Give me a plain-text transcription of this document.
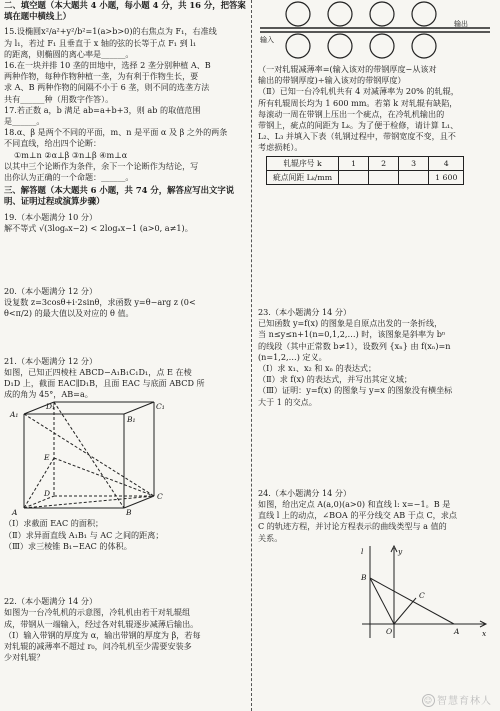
二、填空题（本大题共 4 小题，每小题 4 分，共 16 分，把答案填在题中横线上）
15.设椭圆x²/a²+y²/b²=1(a>b>0)的右焦点为 F₁，右准线
为 l₁，若过 F₁ 且垂直于 x 轴的弦的长等于点 F₁ 到 l₁
的距离，则椭圆的离心率是______。
16.在一块并排 10 垄的田地中，选择 2 垄分别种植 A、B
两种作物，每种作物种植一垄，为有利于作物生长，要
求 A、B 两种作物的间隔不小于 6 垄，则不同的选垄方法
共有______种（用数字作答）。
17.若正数 a，b 满足 ab=a+b+3，则 ab 的取值范围
是______。
18.α、β 是两个不同的平面，m、n 是平面 α 及 β 之外的两条
不同直线，给出四个论断：
①m⊥n ②α⊥β ③n⊥β ④m⊥α
以其中三个论断作为条件，余下一个论断作为结论，写
出你认为正确的一个命题：______。
三、解答题（本大题共 6 小题，共 74 分，解答应写出文字说明、证明过程或演算步骤）
19.（本小题满分 10 分）
解不等式 √(3logₐx−2) < 2logₐx−1 (a>0, a≠1)。
20.（本小题满分 12 分）
设复数 z=3cosθ+i·2sinθ，求函数 y=θ−arg z (0<
θ<π/2) 的最大值以及对应的 θ 值。
21.（本小题满分 12 分）
如图，已知正四棱柱 ABCD−A₁B₁C₁D₁，点 E 在棱
D₁D 上，截面 EAC∥D₁B，且面 EAC 与底面 ABCD 所
成的角为 45°，AB=a。
D₁	C₁
A₁
B₁
E
D	C
A	B
（Ⅰ）求截面 EAC 的面积；
（Ⅱ）求异面直线 A₁B₁ 与 AC 之间的距离；
（Ⅲ）求三棱锥 B₁−EAC 的体积。
22.（本小题满分 14 分）
如图为一台冷轧机的示意图，冷轧机由若干对轧辊组
成，带钢从一端输入，经过各对轧辊逐步减薄后输出。
（Ⅰ）输入带钢的厚度为 α，输出带钢的厚度为 β，若每
对轧辊的减薄率不超过 r₀，问冷轧机至少需要安装多
少对轧辊？
输出
输入
（一对轧辊减薄率=(输入该对的带钢厚度−从该对
输出的带钢厚度)÷输入该对的带钢厚度）
（Ⅱ）已知一台冷轧机共有 4 对减薄率为 20% 的轧辊，
所有轧辊周长均为 1 600 mm。若第 k 对轧辊有缺陷，
每滚动一周在带钢上压出一个疵点，在冷轧机输出的
带钢上，疵点的间距为 Lₖ。为了便于检修，请计算 L₁、
L₂、L₃ 并填入下表（轧钢过程中，带钢宽度不变，且不
考虑损耗）。
轧辊序号 k	1	2	3	4
疵点间距 Lₖ/mm				1 600
23.（本小题满分 14 分）
已知函数 y=f(x) 的图象是自原点出发的一条折线，
当 n≤y≤n+1(n=0,1,2,…) 时，该图象是斜率为 bⁿ
的线段（其中正常数 b≠1），设数列 {xₙ} 由 f(xₙ)=n
(n=1,2,…) 定义。
（Ⅰ）求 x₁、x₂ 和 xₙ 的表达式；
（Ⅱ）求 f(x) 的表达式，并写出其定义域；
（Ⅲ）证明：y=f(x) 的图象与 y=x 的图象没有横坐标
大于 1 的交点。
24.（本小题满分 14 分）
如图，给出定点 A(a,0)(a>0) 和直线 l: x=−1。B 是
直线 l 上的动点，∠BOA 的平分线交 AB 于点 C，求点
C 的轨迹方程，并讨论方程表示的曲线类型与 a 值的
关系。
l	y
B
C
O	A	x
☺ 智慧育林人
